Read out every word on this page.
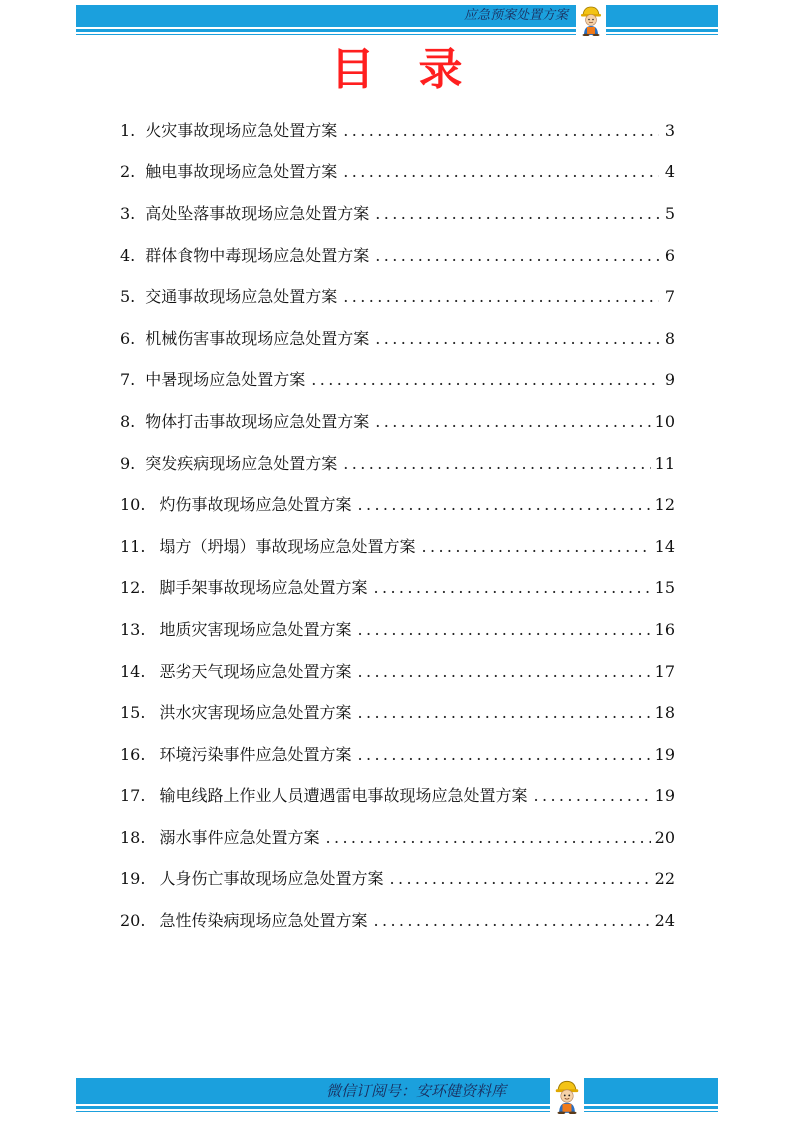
应急预案处置方案
目录
1. 火灾事故现场应急处置方案 .....	3
2. 触电事故现场应急处置方案 .....	4
3. 高处坠落事故现场应急处置方案 .....	5
4. 群体食物中毒现场应急处置方案 .....	6
5. 交通事故现场应急处置方案 .....	7
6. 机械伤害事故现场应急处置方案 .....	8
7. 中暑现场应急处置方案 .....	9
8. 物体打击事故现场应急处置方案 .....	10
9. 突发疾病现场应急处置方案 .....	11
10. 灼伤事故现场应急处置方案 .....	12
11. 塌方（坍塌）事故现场应急处置方案 .....	14
12. 脚手架事故现场应急处置方案 .....	15
13. 地质灾害现场应急处置方案 .....	16
14. 恶劣天气现场应急处置方案 .....	17
15. 洪水灾害现场应急处置方案 .....	18
16. 环境污染事件应急处置方案 .....	19
17. 输电线路上作业人员遭遇雷电事故现场应急处置方案 .....	19
18. 溺水事件应急处置方案 .....	20
19. 人身伤亡事故现场应急处置方案 .....	22
20. 急性传染病现场应急处置方案 .....	24
微信订阅号：安环健资料库
